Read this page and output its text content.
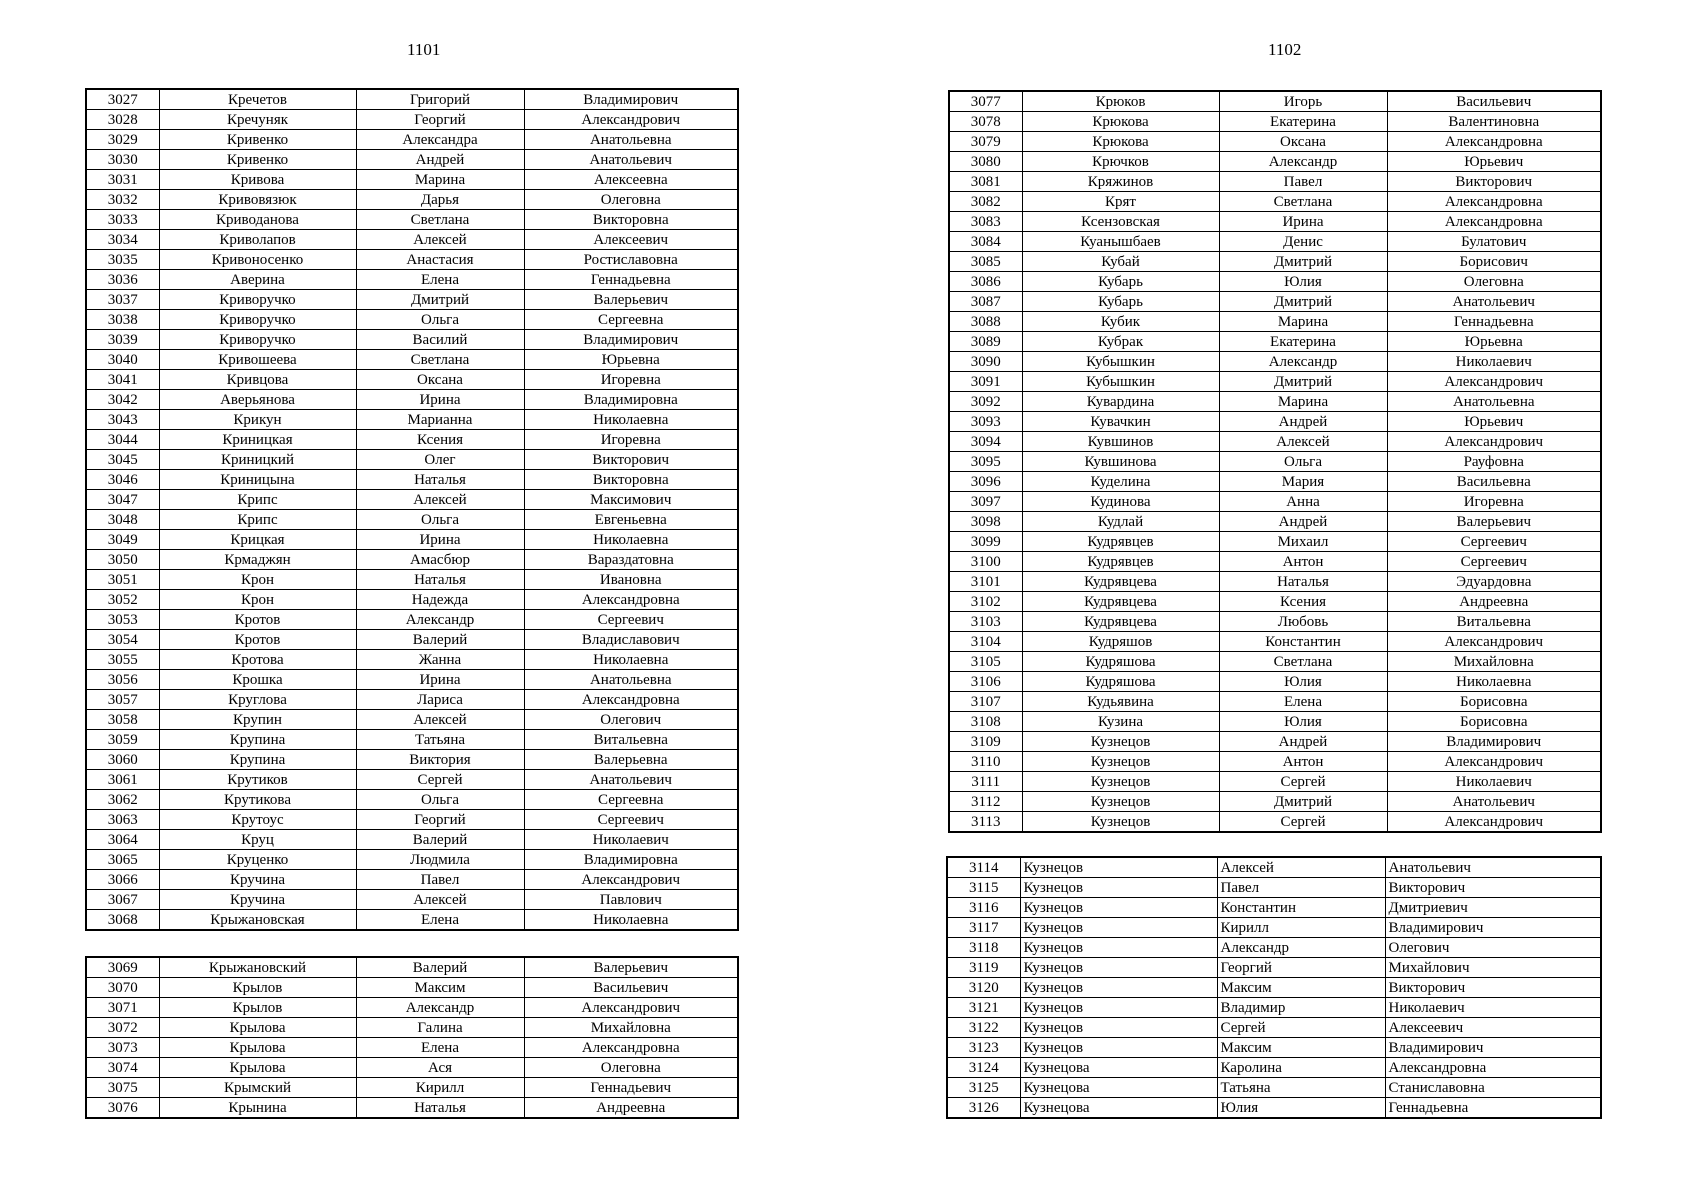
1101	1102
3027	Кречетов	Григорий	Владимирович
3028	Кречуняк	Георгий	Александрович
3029	Кривенко	Александра	Анатольевна
3030	Кривенко	Андрей	Анатольевич
3031	Кривова	Марина	Алексеевна
3032	Кривовязюк	Дарья	Олеговна
3033	Криводанова	Светлана	Викторовна
3034	Криволапов	Алексей	Алексеевич
3035	Кривоносенко	Анастасия	Ростиславовна
3036	Аверина	Елена	Геннадьевна
3037	Криворучко	Дмитрий	Валерьевич
3038	Криворучко	Ольга	Сергеевна
3039	Криворучко	Василий	Владимирович
3040	Кривошеева	Светлана	Юрьевна
3041	Кривцова	Оксана	Игоревна
3042	Аверьянова	Ирина	Владимировна
3043	Крикун	Марианна	Николаевна
3044	Криницкая	Ксения	Игоревна
3045	Криницкий	Олег	Викторович
3046	Криницына	Наталья	Викторовна
3047	Крипс	Алексей	Максимович
3048	Крипс	Ольга	Евгеньевна
3049	Крицкая	Ирина	Николаевна
3050	Крмаджян	Амасбюр	Вараздатовна
3051	Крон	Наталья	Ивановна
3052	Крон	Надежда	Александровна
3053	Кротов	Александр	Сергеевич
3054	Кротов	Валерий	Владиславович
3055	Кротова	Жанна	Николаевна
3056	Крошка	Ирина	Анатольевна
3057	Круглова	Лариса	Александровна
3058	Крупин	Алексей	Олегович
3059	Крупина	Татьяна	Витальевна
3060	Крупина	Виктория	Валерьевна
3061	Крутиков	Сергей	Анатольевич
3062	Крутикова	Ольга	Сергеевна
3063	Крутоус	Георгий	Сергеевич
3064	Круц	Валерий	Николаевич
3065	Круценко	Людмила	Владимировна
3066	Кручина	Павел	Александрович
3067	Кручина	Алексей	Павлович
3068	Крыжановская	Елена	Николаевна
3069	Крыжановский	Валерий	Валерьевич
3070	Крылов	Максим	Васильевич
3071	Крылов	Александр	Александрович
3072	Крылова	Галина	Михайловна
3073	Крылова	Елена	Александровна
3074	Крылова	Ася	Олеговна
3075	Крымский	Кирилл	Геннадьевич
3076	Крынина	Наталья	Андреевна
3077	Крюков	Игорь	Васильевич
3078	Крюкова	Екатерина	Валентиновна
3079	Крюкова	Оксана	Александровна
3080	Крючков	Александр	Юрьевич
3081	Кряжинов	Павел	Викторович
3082	Крят	Светлана	Александровна
3083	Ксензовская	Ирина	Александровна
3084	Куанышбаев	Денис	Булатович
3085	Кубай	Дмитрий	Борисович
3086	Кубарь	Юлия	Олеговна
3087	Кубарь	Дмитрий	Анатольевич
3088	Кубик	Марина	Геннадьевна
3089	Кубрак	Екатерина	Юрьевна
3090	Кубышкин	Александр	Николаевич
3091	Кубышкин	Дмитрий	Александрович
3092	Кувардина	Марина	Анатольевна
3093	Кувачкин	Андрей	Юрьевич
3094	Кувшинов	Алексей	Александрович
3095	Кувшинова	Ольга	Рауфовна
3096	Куделина	Мария	Васильевна
3097	Кудинова	Анна	Игоревна
3098	Кудлай	Андрей	Валерьевич
3099	Кудрявцев	Михаил	Сергеевич
3100	Кудрявцев	Антон	Сергеевич
3101	Кудрявцева	Наталья	Эдуардовна
3102	Кудрявцева	Ксения	Андреевна
3103	Кудрявцева	Любовь	Витальевна
3104	Кудряшов	Константин	Александрович
3105	Кудряшова	Светлана	Михайловна
3106	Кудряшова	Юлия	Николаевна
3107	Кудьявина	Елена	Борисовна
3108	Кузина	Юлия	Борисовна
3109	Кузнецов	Андрей	Владимирович
3110	Кузнецов	Антон	Александрович
3111	Кузнецов	Сергей	Николаевич
3112	Кузнецов	Дмитрий	Анатольевич
3113	Кузнецов	Сергей	Александрович
3114	Кузнецов	Алексей	Анатольевич
3115	Кузнецов	Павел	Викторович
3116	Кузнецов	Константин	Дмитриевич
3117	Кузнецов	Кирилл	Владимирович
3118	Кузнецов	Александр	Олегович
3119	Кузнецов	Георгий	Михайлович
3120	Кузнецов	Максим	Викторович
3121	Кузнецов	Владимир	Николаевич
3122	Кузнецов	Сергей	Алексеевич
3123	Кузнецов	Максим	Владимирович
3124	Кузнецова	Каролина	Александровна
3125	Кузнецова	Татьяна	Станиславовна
3126	Кузнецова	Юлия	Геннадьевна
